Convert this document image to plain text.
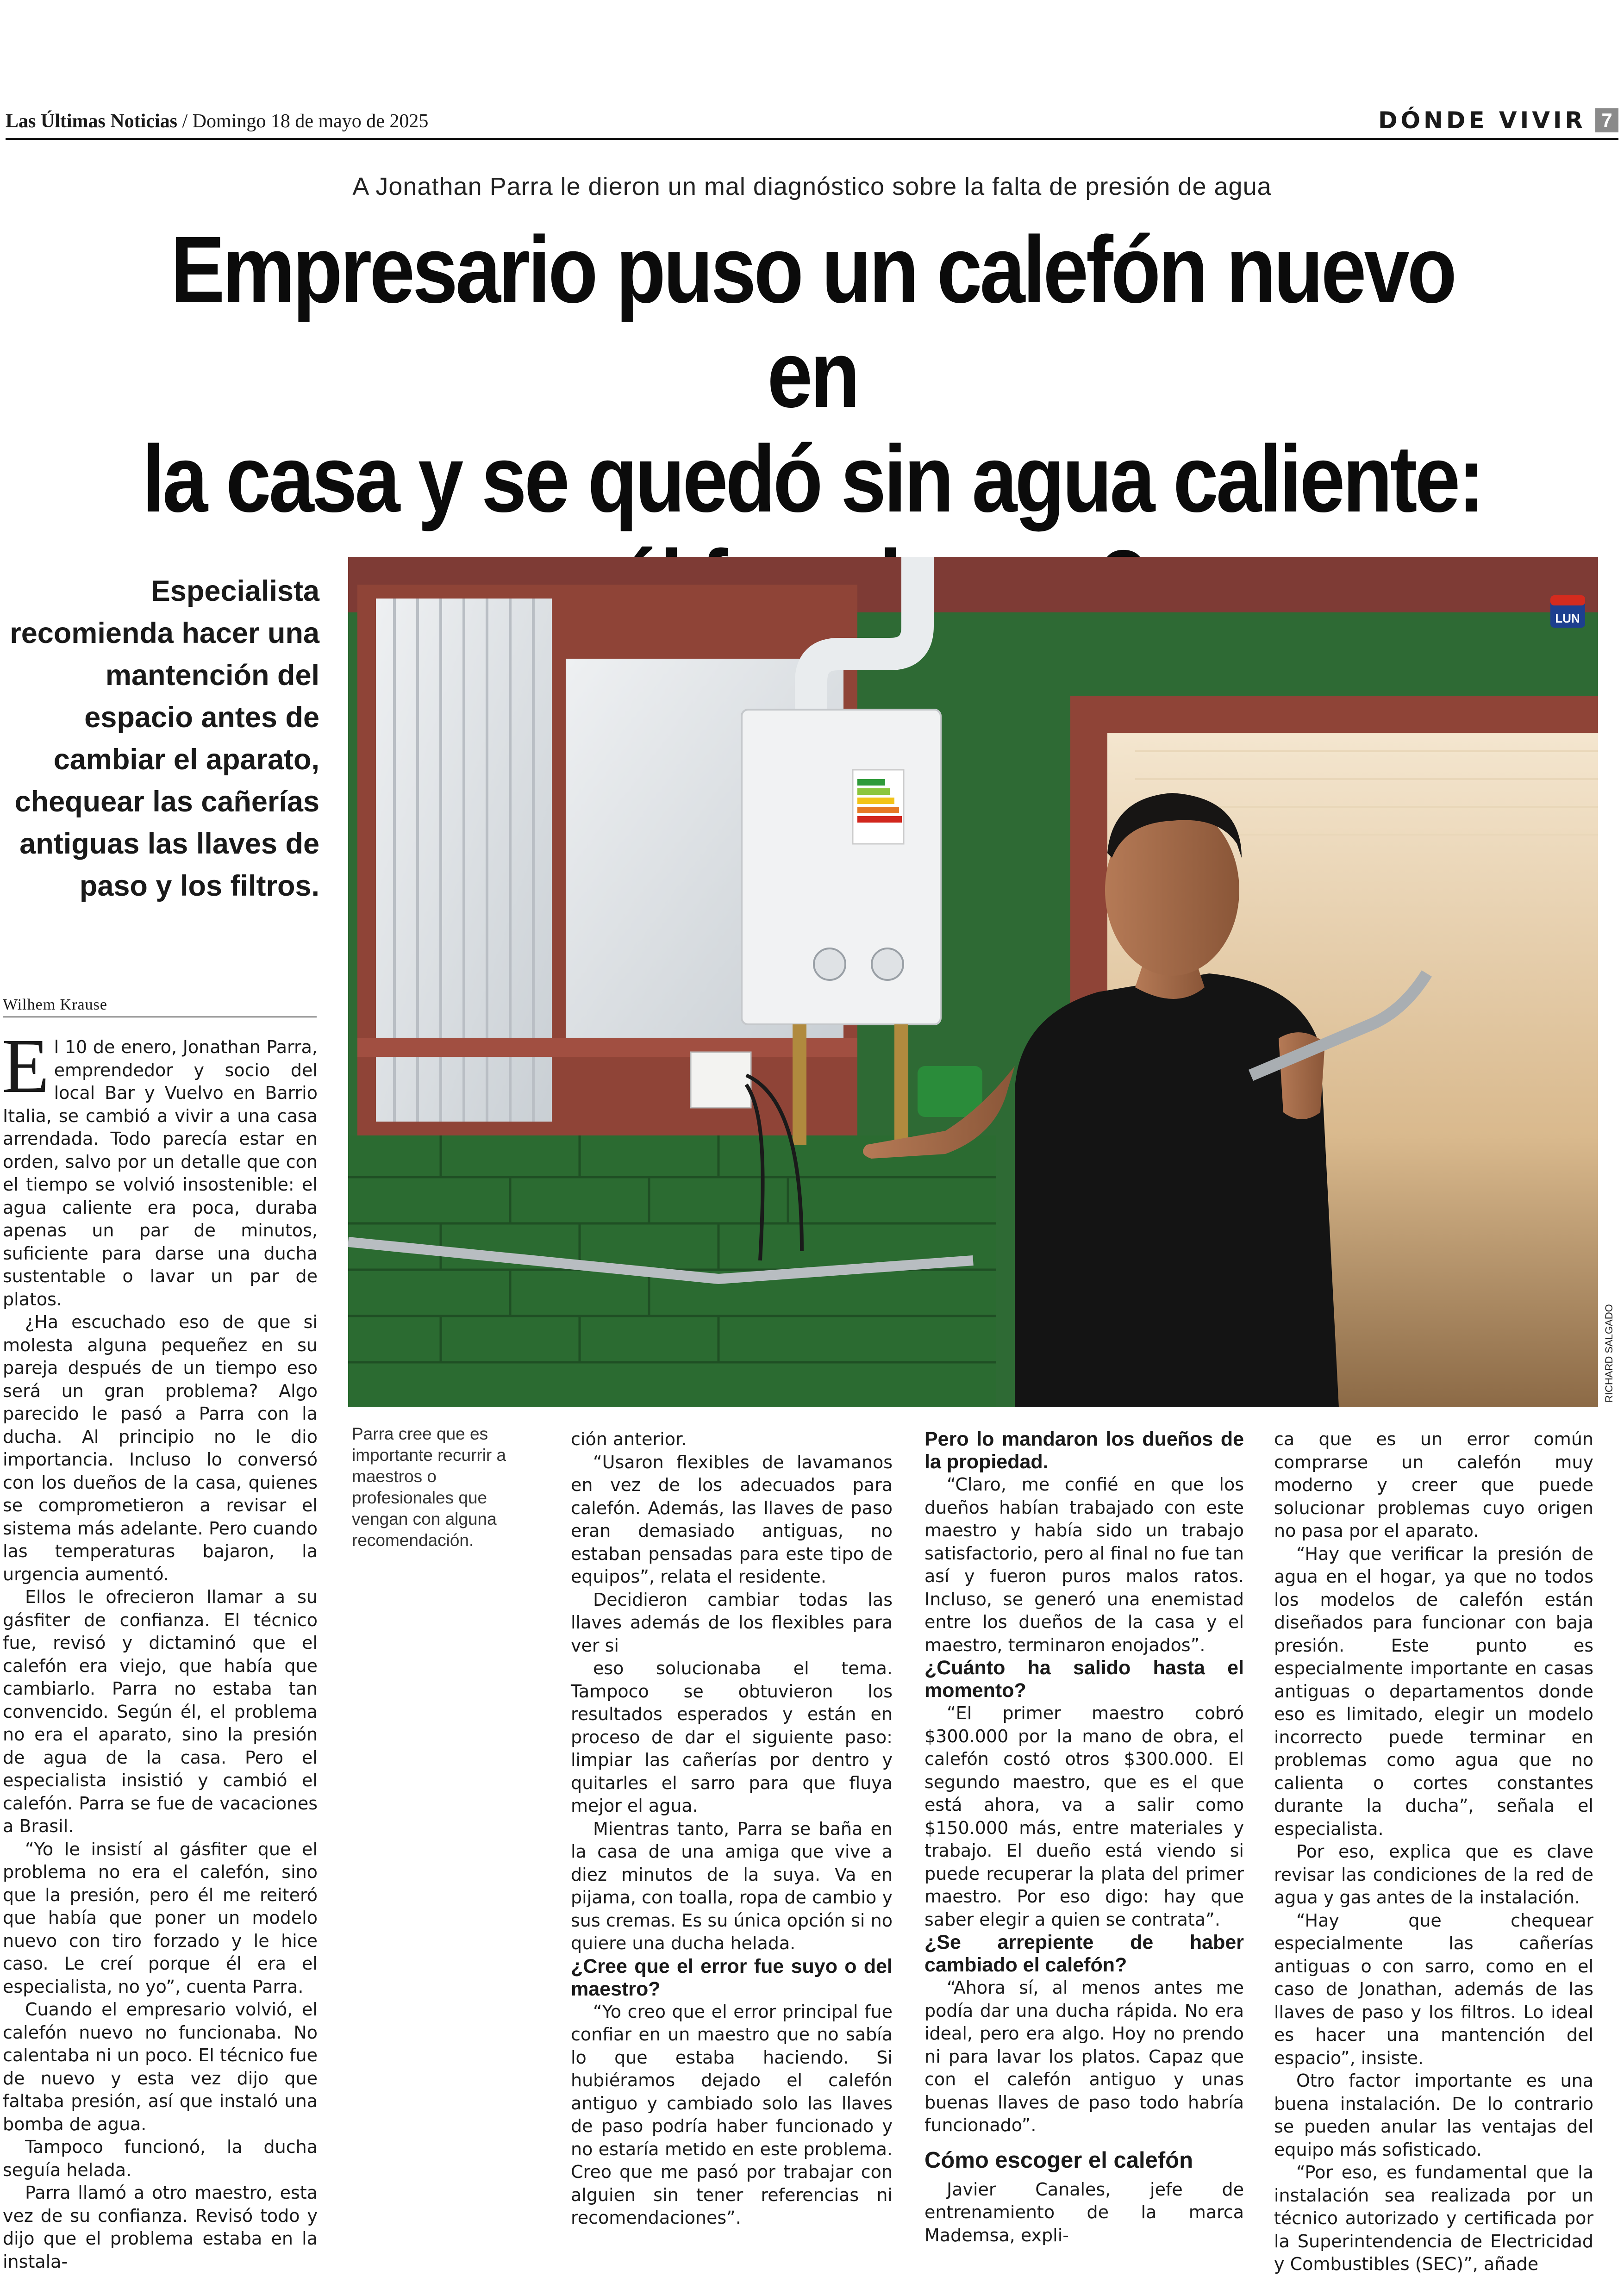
Las Últimas Noticias / Domingo 18 de mayo de 2025	DÓNDE VIVIR 7
A Jonathan Parra le dieron un mal diagnóstico sobre la falta de presión de agua
Empresario puso un calefón nuevo en
la casa y se quedó sin agua caliente:

Especialista recomienda hacer una mantención del espacio antes de cambiar el aparato, chequear las cañerías antiguas las llaves de paso y los filtros.

LUN
RICHARD SALGADO

Parra cree que es importante recurrir a maestros o profesionales que vengan con alguna recomendación.

Wilhem Krause

El 10 de enero, Jonathan Parra, emprendedor y socio del local Bar y Vuelvo en Barrio Italia, se cambió a vivir a una casa arrendada. Todo parecía estar en orden, salvo por un detalle que con el tiempo se volvió insostenible: el agua caliente era poca, duraba apenas un par de minutos, suficiente para darse una ducha sustentable o lavar un par de platos.

¿Ha escuchado eso de que si molesta alguna pequeñez en su pareja después de un tiempo eso será un gran problema? Algo parecido le pasó a Parra con la ducha. Al principio no le dio importancia. Incluso lo conversó con los dueños de la casa, quienes se comprometieron a revisar el sistema más adelante. Pero cuando las temperaturas bajaron, la urgencia aumentó.

Ellos le ofrecieron llamar a su gásfiter de confianza. El técnico fue, revisó y dictaminó que el calefón era viejo, que había que cambiarlo. Parra no estaba tan convencido. Según él, el problema no era el aparato, sino la presión de agua de la casa. Pero el especialista insistió y cambió el calefón. Parra se fue de vacaciones a Brasil.

“Yo le insistí al gásfiter que el problema no era el calefón, sino que la presión, pero él me reiteró que había que poner un modelo nuevo con tiro forzado y le hice caso. Le creí porque él era el especialista, no yo”, cuenta Parra.

Cuando el empresario volvió, el calefón nuevo no funcionaba. No calentaba ni un poco. El técnico fue de nuevo y esta vez dijo que faltaba presión, así que instaló una bomba de agua.

Tampoco funcionó, la ducha seguía helada.

Parra llamó a otro maestro, esta vez de su confianza. Revisó todo y dijo que el problema estaba en la instala-

ción anterior.

“Usaron flexibles de lavamanos en vez de los adecuados para calefón. Además, las llaves de paso eran demasiado antiguas, no estaban pensadas para este tipo de equipos”, relata el residente.

Decidieron cambiar todas las llaves además de los flexibles para ver si

eso solucionaba el tema. Tampoco se obtuvieron los resultados esperados y están en proceso de dar el siguiente paso: limpiar las cañerías por dentro y quitarles el sarro para que fluya mejor el agua.

Mientras tanto, Parra se baña en la casa de una amiga que vive a diez minutos de la suya. Va en pijama, con toalla, ropa de cambio y sus cremas. Es su única opción si no quiere una ducha helada.

¿Cree que el error fue suyo o del maestro?

“Yo creo que el error principal fue confiar en un maestro que no sabía lo que estaba haciendo. Si hubiéramos dejado el calefón antiguo y cambiado solo las llaves de paso podría haber funcionado y no estaría metido en este problema. Creo que me pasó por trabajar con alguien sin tener referencias ni recomendaciones”.

Pero lo mandaron los dueños de la propiedad.

“Claro, me confié en que los dueños habían trabajado con este maestro y había sido un trabajo satisfactorio, pero al final no fue tan así y fueron puros malos ratos. Incluso, se generó una enemistad entre los dueños de la casa y el maestro, terminaron enojados”.

¿Cuánto ha salido hasta el momento?

“El primer maestro cobró $300.000 por la mano de obra, el calefón costó otros $300.000. El segundo maestro, que es el que está ahora, va a salir como $150.000 más, entre materiales y trabajo. El dueño está viendo si puede recuperar la plata del primer maestro. Por eso digo: hay que saber elegir a quien se contrata”.

¿Se arrepiente de haber cambiado el calefón?

“Ahora sí, al menos antes me podía dar una ducha rápida. No era ideal, pero era algo. Hoy no prendo ni para lavar los platos. Capaz que con el calefón antiguo y unas buenas llaves de paso todo habría funcionado”.

Cómo escoger el calefón

Javier Canales, jefe de entrenamiento de la marca Mademsa, expli-

ca que es un error común comprarse un calefón muy moderno y creer que puede solucionar problemas cuyo origen no pasa por el aparato.

“Hay que verificar la presión de agua en el hogar, ya que no todos los modelos de calefón están diseñados para funcionar con baja presión. Este punto es especialmente importante en casas antiguas o departamentos donde eso es limitado, elegir un modelo incorrecto puede terminar en problemas como agua que no calienta o cortes constantes durante la ducha”, señala el especialista.

Por eso, explica que es clave revisar las condiciones de la red de agua y gas antes de la instalación.

“Hay que chequear especialmente las cañerías antiguas o con sarro, como en el caso de Jonathan, además de las llaves de paso y los filtros. Lo ideal es hacer una mantención del espacio”, insiste.

Otro factor importante es una buena instalación. De lo contrario se pueden anular las ventajas del equipo más sofisticado.

“Por eso, es fundamental que la instalación sea realizada por un técnico autorizado y certificada por la Superintendencia de Electricidad y Combustibles (SEC)”, añade
